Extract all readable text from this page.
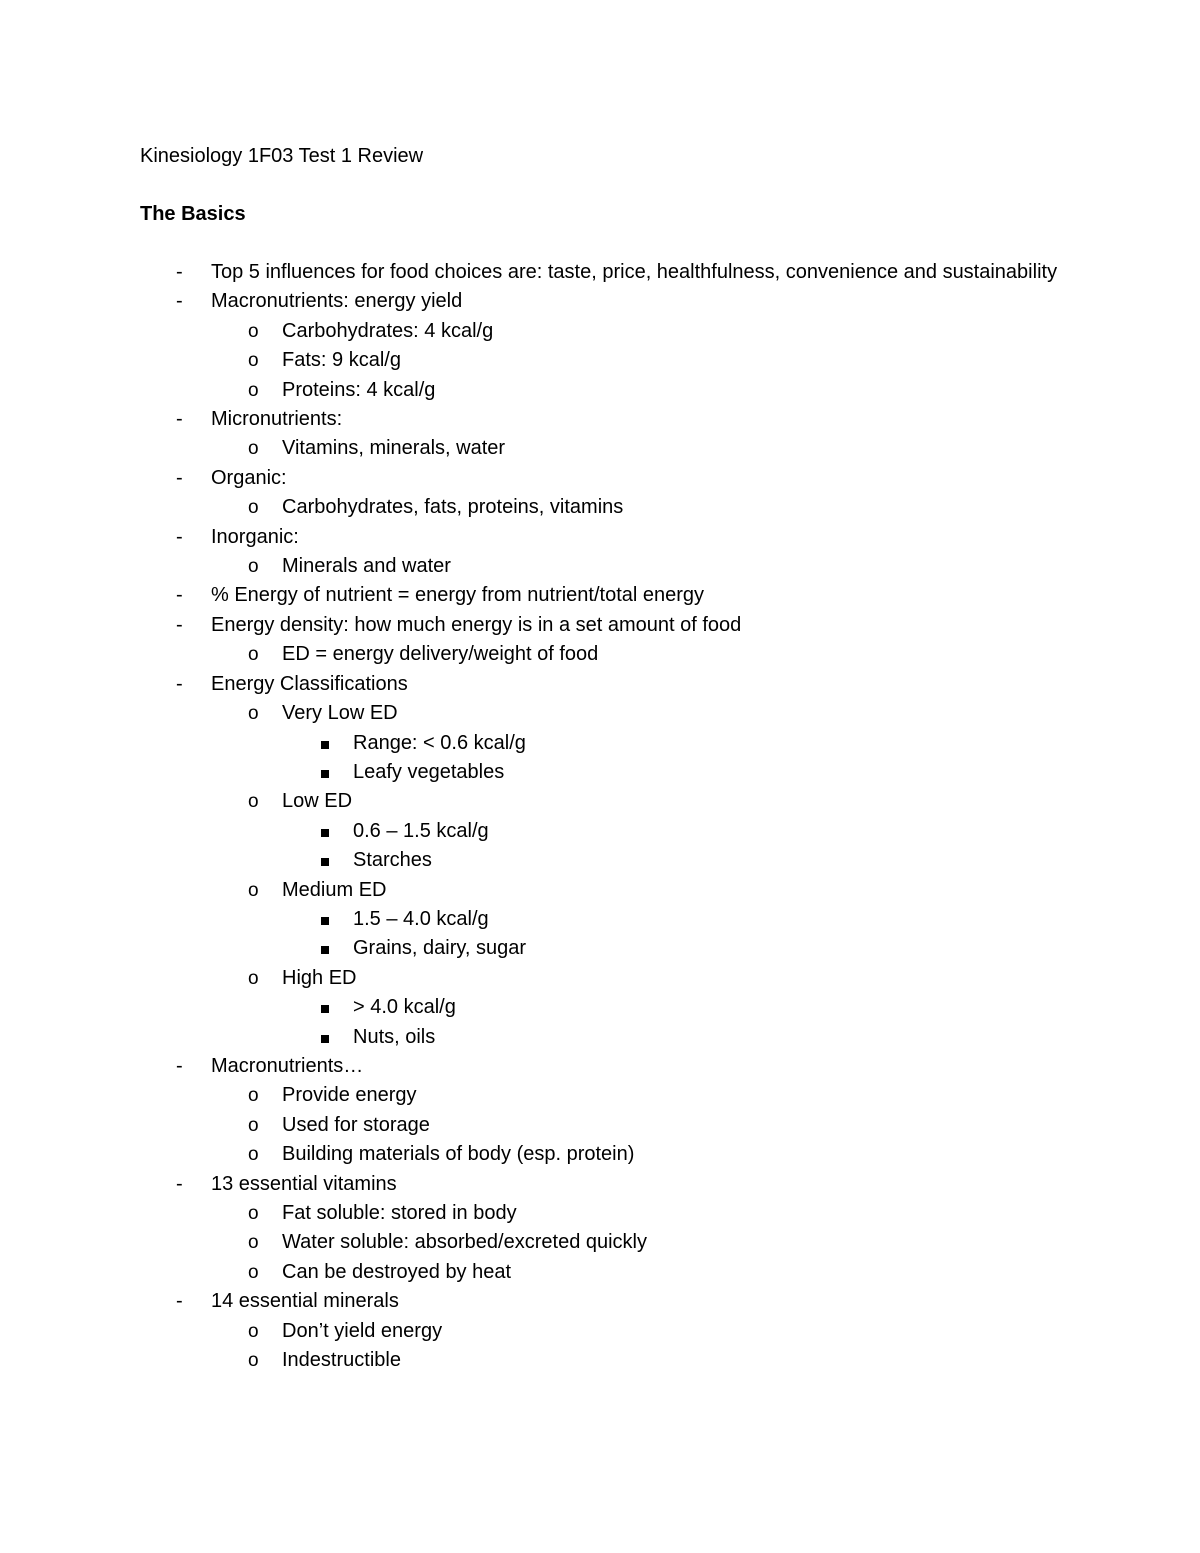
Kinesiology 1F03 Test 1 Review

The Basics

- Top 5 influences for food choices are: taste, price, healthfulness, convenience and sustainability
- Macronutrients: energy yield
o Carbohydrates: 4 kcal/g
o Fats: 9 kcal/g
o Proteins: 4 kcal/g
- Micronutrients:
o Vitamins, minerals, water
- Organic:
o Carbohydrates, fats, proteins, vitamins
- Inorganic:
o Minerals and water
- % Energy of nutrient = energy from nutrient/total energy
- Energy density: how much energy is in a set amount of food
o ED = energy delivery/weight of food
- Energy Classifications
o Very Low ED
Range: < 0.6 kcal/g
Leafy vegetables
o Low ED
0.6 – 1.5 kcal/g
Starches
o Medium ED
1.5 – 4.0 kcal/g
Grains, dairy, sugar
o High ED
> 4.0 kcal/g
Nuts, oils
- Macronutrients…
o Provide energy
o Used for storage
o Building materials of body (esp. protein)
- 13 essential vitamins
o Fat soluble: stored in body
o Water soluble: absorbed/excreted quickly
o Can be destroyed by heat
- 14 essential minerals
o Don’t yield energy
o Indestructible
